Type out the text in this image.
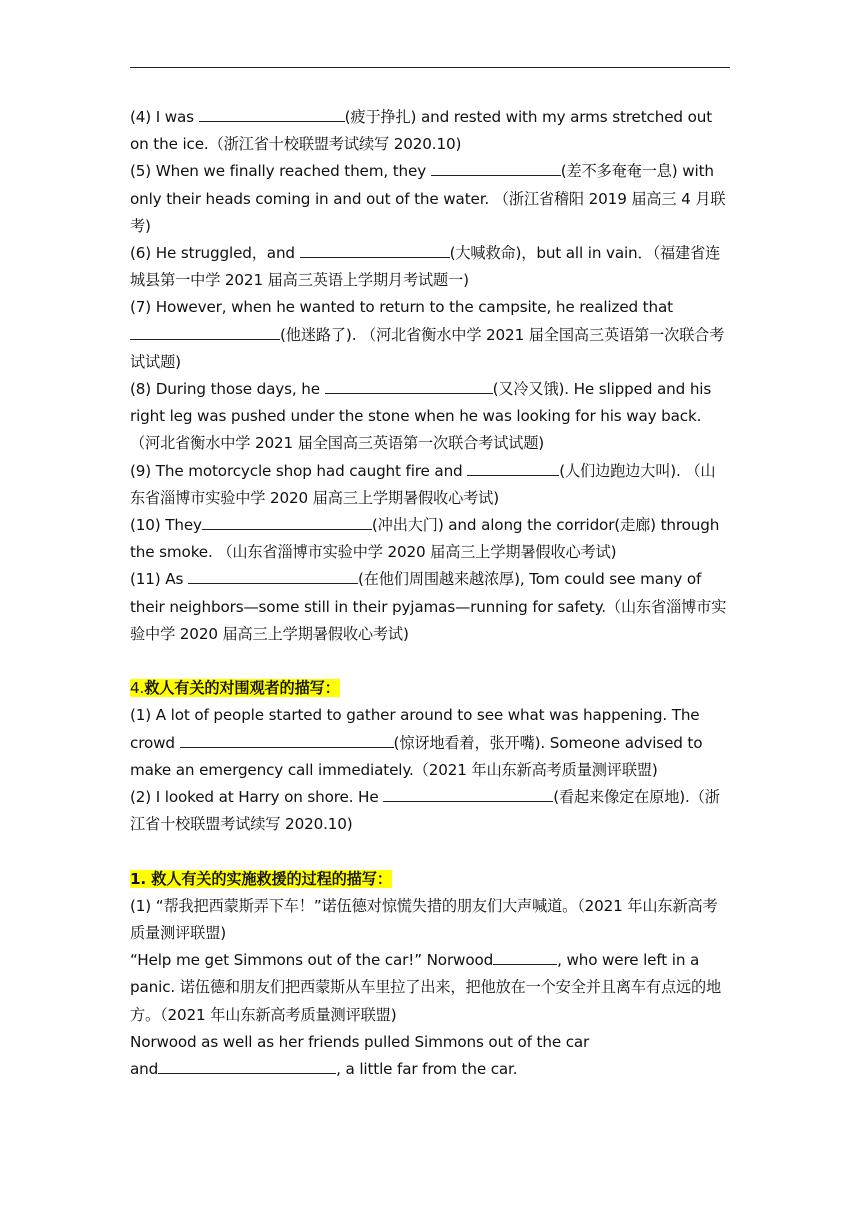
(4) I was	(疲于挣扎) and rested with my arms stretched out on the ice.（浙江省十校联盟考试续写 2020.10)

(5) When we finally reached them, they	(差不多奄奄一息) with only their heads coming in and out of the water. （浙江省稽阳 2019 届高三 4 月联考)

(6) He struggled，and	(大喊救命)，but all in vain．（福建省连城县第一中学 2021 届高三英语上学期月考试题一)

(7) However, when he wanted to return to the campsite, he realized that (他迷路了). （河北省衡水中学 2021 届全国高三英语第一次联合考试试题)

(8) During those days, he	(又冷又饿). He slipped and his right leg was pushed under the stone when he was looking for his way back.（河北省衡水中学 2021 届全国高三英语第一次联合考试试题)

(9) The motorcycle shop had caught fire and	(人们边跑边大叫). （山东省淄博市实验中学 2020 届高三上学期暑假收心考试)

(10) They	(冲出大门) and along the corridor(走廊) through the smoke. （山东省淄博市实验中学 2020 届高三上学期暑假收心考试)

(11) As	(在他们周围越来越浓厚), Tom could see many of their neighbors—some still in their pyjamas—running for safety.（山东省淄博市实验中学 2020 届高三上学期暑假收心考试)

4.救人有关的对围观者的描写：

(1) A lot of people started to gather around to see what was happening. The crowd	(惊讶地看着，张开嘴). Someone advised to make an emergency call immediately.（2021 年山东新高考质量测评联盟)

(2) I looked at Harry on shore. He	(看起来像定在原地).（浙江省十校联盟考试续写 2020.10)

1. 救人有关的实施救援的过程的描写：

(1) “帮我把西蒙斯弄下车！”诺伍德对惊慌失措的朋友们大声喊道。（2021 年山东新高考质量测评联盟)

“Help me get Simmons out of the car!” Norwood	, who were left in a panic. 诺伍德和朋友们把西蒙斯从车里拉了出来，把他放在一个安全并且离车有点远的地方。（2021 年山东新高考质量测评联盟)

Norwood as well as her friends pulled Simmons out of the car

and	, a little far from the car.
